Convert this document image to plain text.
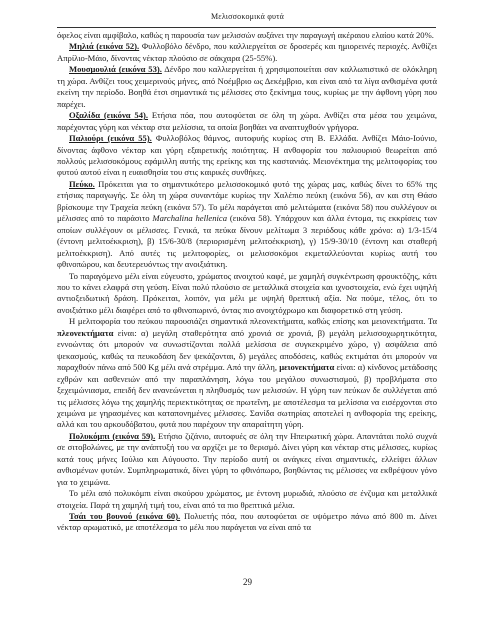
Μελισσοκομικά φυτά

όφελος είναι αμφίβαλο, καθώς η παρουσία των μελισσών αυξάνει την παραγωγή ακέραιου ελαίου κατά 20%.

Μηλιά (εικόνα 52). Φυλλοβόλο δένδρο, που καλλιεργείται σε δροσερές και ημιορεινές περιοχές. Ανθίζει Απρίλιο-Μάιο, δίνοντας νέκταρ πλούσιο σε σάκχαρα (25-55%).

Μουσμουλιά (εικόνα 53). Δένδρο που καλλιεργείται ή χρησιμοποιείται σαν καλλωπιστικό σε ολόκληρη τη χώρα. Ανθίζει τους χειμερινούς μήνες, από Νοέμβριο ως Δεκέμβριο, και είναι από τα λίγα ανθισμένα φυτά εκείνη την περίοδο. Βοηθά έτσι σημαντικά τις μέλισσες στο ξεκίνημα τους, κυρίως με την άφθονη γύρη που παρέχει.

Οξαλίδα (εικόνα 54). Ετήσια πόα, που αυτοφύεται σε όλη τη χώρα. Ανθίζει στα μέσα του χειμώνα, παρέχοντας γύρη και νέκταρ στα μελίσσια, τα οποία βοηθάει να αναπτυχθούν γρήγορα.

Παλιούρι (εικόνα 55). Φυλλοβόλος θάμνος, αυτοφυής κυρίως στη Β. Ελλάδα. Ανθίζει Μάιο-Ιούνιο, δίνοντας άφθονο νέκταρ και γύρη εξαιρετικής ποιότητας. Η ανθοφορία του παλιουριού θεωρείται από πολλούς μελισσοκόμους εφάμιλλη αυτής της ερείκης και της καστανιάς. Μειονέκτημα της μελιτοφορίας του φυτού αυτού είναι η ευαισθησία του στις καιρικές συνθήκες.

Πεύκο. Πρόκειται για το σημαντικότερο μελισσοκομικό φυτό της χώρας μας, καθώς δίνει το 65% της ετήσιας παραγωγής. Σε όλη τη χώρα συναντάμε κυρίως την Χαλέπιο πεύκη (εικόνα 56), αν και στη Θάσο βρίσκουμε την Τραχεία πεύκη (εικόνα 57). Το μέλι παράγεται από μελιτώματα (εικόνα 58) που συλλέγουν οι μέλισσες από το παράσιτο Marchalina hellenica (εικόνα 58). Υπάρχουν και άλλα έντομα, τις εκκρίσεις των οποίων συλλέγουν οι μέλισσες. Γενικά, τα πεύκα δίνουν μελίτωμα 3 περιόδους κάθε χρόνο: α) 1/3-15/4 (έντονη μελιτοέκκριση), β) 15/6-30/8 (περιορισμένη μελιτοέκκριση), γ) 15/9-30/10 (έντονη και σταθερή μελιτοέκκριση). Από αυτές τις μελιτοφορίες, οι μελισσοκόμοι εκμεταλλεύονται κυρίως αυτή του φθινοπώρου, και δευτερευόντως την ανοιξιάτικη.

Το παραγόμενο μέλι είναι εύγευστο, χρώματος ανοιχτού καφέ, με χαμηλή συγκέντρωση φρουκτόζης, κάτι που το κάνει ελαφρά στη γεύση. Είναι πολύ πλούσιο σε μεταλλικά στοιχεία και ιχνοστοιχεία, ενώ έχει υψηλή αντιοξειδωτική δράση. Πρόκειται, λοιπόν, για μέλι με υψηλή θρεπτική αξία. Να πούμε, τέλος, ότι το ανοιξιάτικο μέλι διαφέρει από το φθινοπωρινό, όντας πιο ανοιχτόχρωμο και διαφορετικό στη γεύση.

Η μελιτοφορία του πεύκου παρουσιάζει σημαντικά πλεονεκτήματα, καθώς επίσης και μειονεκτήματα. Τα πλεονεκτήματα είναι: α) μεγάλη σταθερότητα από χρονιά σε χρονιά, β) μεγάλη μελισσοχωρητικότητα, εννοώντας ότι μπορούν να συνωστίζονται πολλά μελίσσια σε συγκεκριμένο χώρο, γ) ασφάλεια από ψεκασμούς, καθώς τα πευκοδάση δεν ψεκάζονται, δ) μεγάλες αποδόσεις, καθώς εκτιμάται ότι μπορούν να παραχθούν πάνω από 500 Kg μέλι ανά στρέμμα. Από την άλλη, μειονεκτήματα είναι: α) κίνδυνος μετάδοσης εχθρών και ασθενειών από την παραπλάνηση, λόγω του μεγάλου συνωστισμού, β) προβλήματα στο ξεχειμώνιασμα, επειδή δεν ανανεώνεται η πληθυσμός των μελισσών. Η γύρη των πεύκων δε συλλέγεται από τις μέλισσες λόγω της χαμηλής περιεκτικότητας σε πρωτεΐνη, με αποτέλεσμα τα μελίσσια να εισέρχονται στο χειμώνα με γηρασμένες και καταπονημένες μέλισσες. Σανίδα σωτηρίας αποτελεί η ανθοφορία της ερείκης, αλλά και του αρκουδόβατου, φυτά που παρέχουν την απαραίτητη γύρη.

Πολυκόμπι (εικόνα 59). Ετήσιο ζιζάνιο, αυτοφυές σε όλη την Ηπειρωτική χώρα. Απαντάται πολύ συχνά σε σιτοβολώνες, με την ανάπτυξή του να αρχίζει με το θερισμό. Δίνει γύρη και νέκταρ στις μέλισσες, κυρίως κατά τους μήνες Ιούλιο και Αύγουστο. Την περίοδο αυτή οι ανάγκες είναι σημαντικές, ελλείψει άλλων ανθισμένων φυτών. Συμπληρωματικά, δίνει γύρη το φθινόπωρο, βοηθώντας τις μέλισσες να εκθρέψουν γόνο για το χειμώνα.

Το μέλι από πολυκόμπι είναι σκούρου χρώματος, με έντονη μυρωδιά, πλούσιο σε ένζυμα και μεταλλικά στοιχεία. Παρά τη χαμηλή τιμή του, είναι από τα πιο θρεπτικά μέλια.

Τσάι του βουνού (εικόνα 60). Πολυετής πόα, που αυτοφύεται σε υψόμετρο πάνω από 800 m. Δίνει νέκταρ αρωματικό, με αποτέλεσμα το μέλι που παράγεται να είναι από τα

29
